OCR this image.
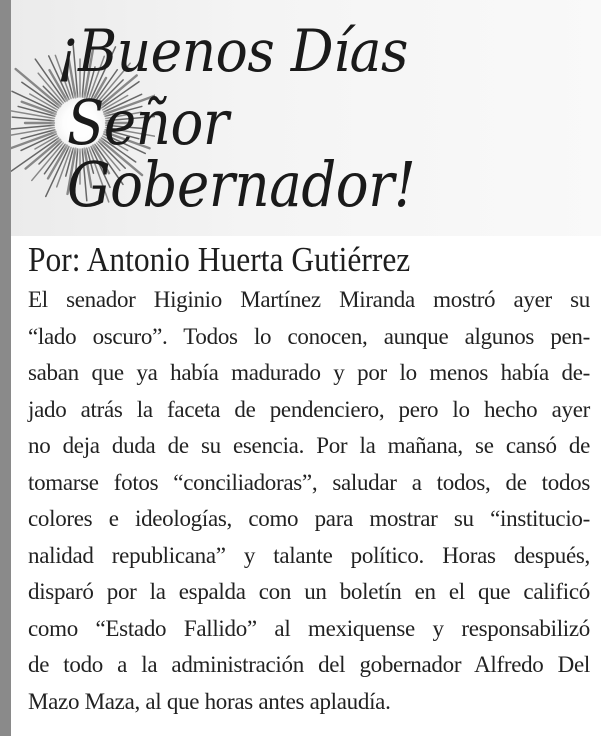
¡Buenos Días
Señor Gobernador!

Por: Antonio Huerta Gutiérrez

El senador Higinio Martínez Miranda mostró ayer su
“lado oscuro”. Todos lo conocen, aunque algunos pen-
saban que ya había madurado y por lo menos había de-
jado atrás la faceta de pendenciero, pero lo hecho ayer
no deja duda de su esencia. Por la mañana, se cansó de
tomarse fotos “conciliadoras”, saludar a todos, de todos
colores e ideologías, como para mostrar su “institucio-
nalidad republicana” y talante político. Horas después,
disparó por la espalda con un boletín en el que calificó
como “Estado Fallido” al mexiquense y responsabilizó
de todo a la administración del gobernador Alfredo Del
Mazo Maza, al que horas antes aplaudía.
